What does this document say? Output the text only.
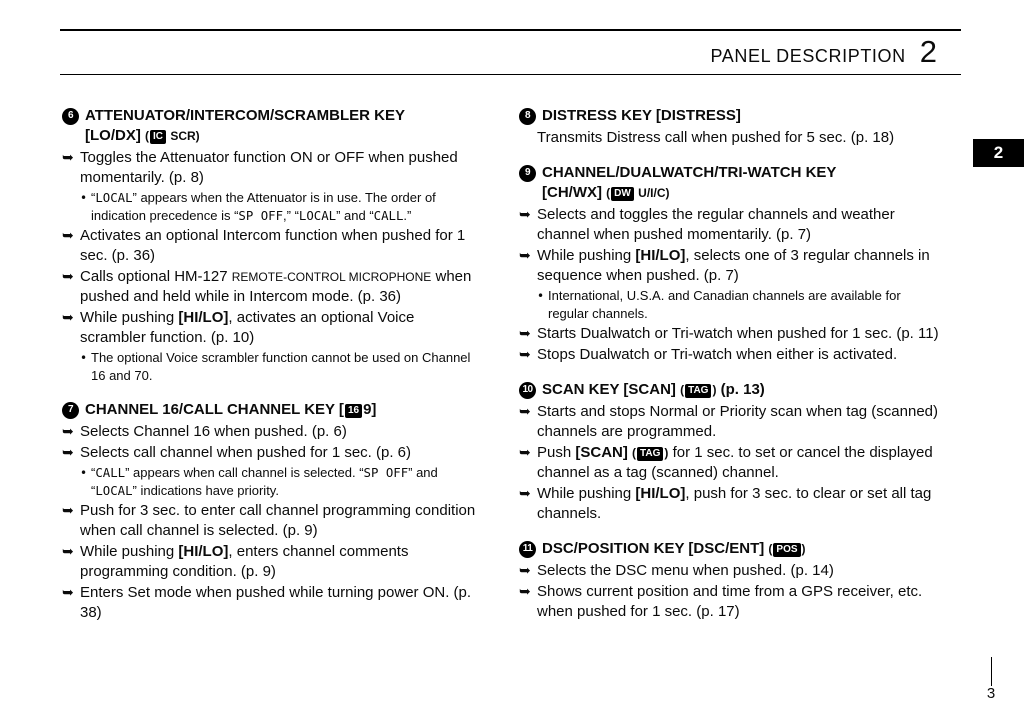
PANEL DESCRIPTION 2
2
6 ATTENUATOR/INTERCOM/SCRAMBLER KEY
[LO/DX] ( IC SCR)
➥ Toggles the Attenuator function ON or OFF when pushed momentarily. (p. 8)
• “LOCAL” appears when the Attenuator is in use. The order of indication precedence is “SP OFF,” “LOCAL” and “CALL.”
➥ Activates an optional Intercom function when pushed for 1 sec. (p. 36)
➥ Calls optional HM-127 REMOTE-CONTROL MICROPHONE when pushed and held while in Intercom mode. (p. 36)
➥ While pushing [HI/LO], activates an optional Voice scrambler function. (p. 10)
• The optional Voice scrambler function cannot be used on Channel 16 and 70.
7 CHANNEL 16/CALL CHANNEL KEY [ 16 9]
➥ Selects Channel 16 when pushed. (p. 6)
➥ Selects call channel when pushed for 1 sec. (p. 6)
• “CALL” appears when call channel is selected. “SP OFF” and “LOCAL” indications have priority.
➥ Push for 3 sec. to enter call channel programming condition when call channel is selected. (p. 9)
➥ While pushing [HI/LO], enters channel comments programming condition. (p. 9)
➥ Enters Set mode when pushed while turning power ON. (p. 38)
8 DISTRESS KEY [DISTRESS]
Transmits Distress call when pushed for 5 sec. (p. 18)
9 CHANNEL/DUALWATCH/TRI-WATCH KEY
[CH/WX] ( DW U/I/C)
➥ Selects and toggles the regular channels and weather channel when pushed momentarily. (p. 7)
➥ While pushing [HI/LO], selects one of 3 regular channels in sequence when pushed. (p. 7)
• International, U.S.A. and Canadian channels are available for regular channels.
➥ Starts Dualwatch or Tri-watch when pushed for 1 sec. (p. 11)
➥ Stops Dualwatch or Tri-watch when either is activated.
10 SCAN KEY [SCAN] ( TAG ) (p. 13)
➥ Starts and stops Normal or Priority scan when tag (scanned) channels are programmed.
➥ Push [SCAN] ( TAG ) for 1 sec. to set or cancel the displayed channel as a tag (scanned) channel.
➥ While pushing [HI/LO], push for 3 sec. to clear or set all tag channels.
11 DSC/POSITION KEY [DSC/ENT] ( POS )
➥ Selects the DSC menu when pushed. (p. 14)
➥ Shows current position and time from a GPS receiver, etc. when pushed for 1 sec. (p. 17)
3
